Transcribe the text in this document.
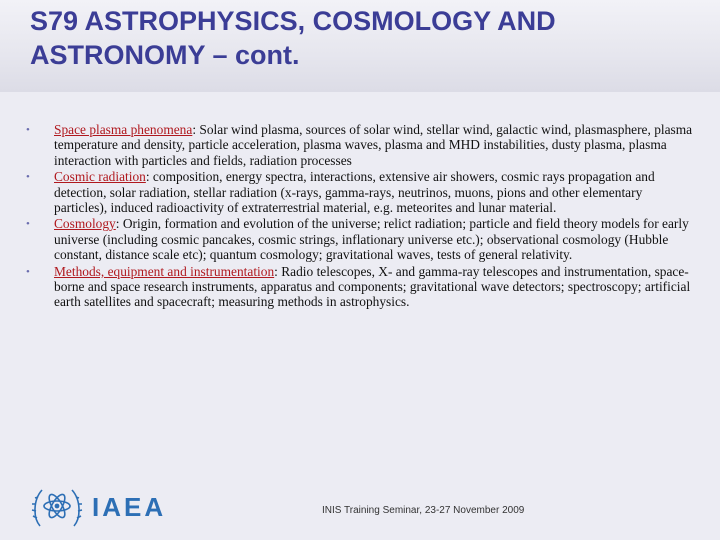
S79 ASTROPHYSICS, COSMOLOGY AND ASTRONOMY – cont.
• Space plasma phenomena: Solar wind plasma, sources of solar wind, stellar wind, galactic wind, plasmasphere, plasma temperature and density, particle acceleration, plasma waves, plasma and MHD instabilities, dusty plasma, plasma interaction with particles and fields, radiation processes
• Cosmic radiation: composition, energy spectra, interactions, extensive air showers, cosmic rays propagation and detection, solar radiation, stellar radiation (x-rays, gamma-rays, neutrinos, muons, pions and other elementary particles), induced radioactivity of extraterrestrial material, e.g. meteorites and lunar material.
• Cosmology: Origin, formation and evolution of the universe; relict radiation; particle and field theory models for early universe (including cosmic pancakes, cosmic strings, inflationary universe etc.); observational cosmology (Hubble constant, distance scale etc); quantum cosmology; gravitational waves, tests of general relativity.
• Methods, equipment and instrumentation: Radio telescopes, X- and gamma-ray telescopes and instrumentation, space-borne and space research instruments, apparatus and components; gravitational wave detectors; spectroscopy; artificial earth satellites and spacecraft; measuring methods in astrophysics.
IAEA	INIS Training Seminar, 23-27 November 2009
